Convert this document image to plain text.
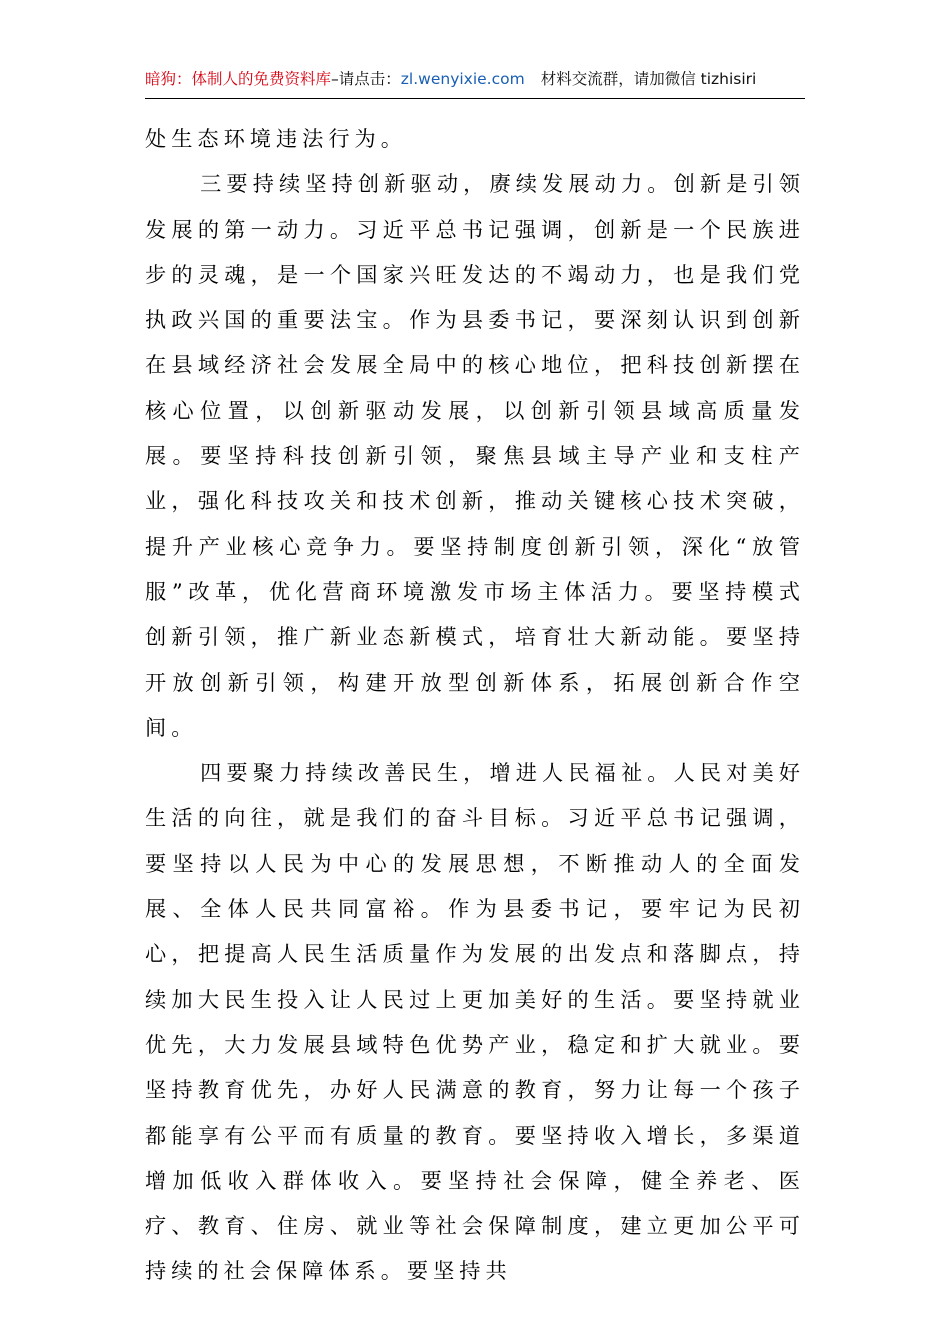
暗狗：体制人的免费资料库–请点击：zl.wenyixie.com 材料交流群，请加微信 tizhisiri

处生态环境违法行为。

三要持续坚持创新驱动，赓续发展动力。创新是引领发展的第一动力。习近平总书记强调，创新是一个民族进步的灵魂，是一个国家兴旺发达的不竭动力，也是我们党执政兴国的重要法宝。作为县委书记，要深刻认识到创新在县域经济社会发展全局中的核心地位，把科技创新摆在核心位置，以创新驱动发展，以创新引领县域高质量发展。要坚持科技创新引领，聚焦县域主导产业和支柱产业，强化科技攻关和技术创新，推动关键核心技术突破，提升产业核心竞争力。要坚持制度创新引领，深化“放管服”改革，优化营商环境激发市场主体活力。要坚持模式创新引领，推广新业态新模式，培育壮大新动能。要坚持开放创新引领，构建开放型创新体系，拓展创新合作空间。

四要聚力持续改善民生，增进人民福祉。人民对美好生活的向往，就是我们的奋斗目标。习近平总书记强调，要坚持以人民为中心的发展思想，不断推动人的全面发展、全体人民共同富裕。作为县委书记，要牢记为民初心，把提高人民生活质量作为发展的出发点和落脚点，持续加大民生投入让人民过上更加美好的生活。要坚持就业优先，大力发展县域特色优势产业，稳定和扩大就业。要坚持教育优先，办好人民满意的教育，努力让每一个孩子都能享有公平而有质量的教育。要坚持收入增长，多渠道增加低收入群体收入。要坚持社会保障，健全养老、医疗、教育、住房、就业等社会保障制度，建立更加公平可持续的社会保障体系。要坚持共
